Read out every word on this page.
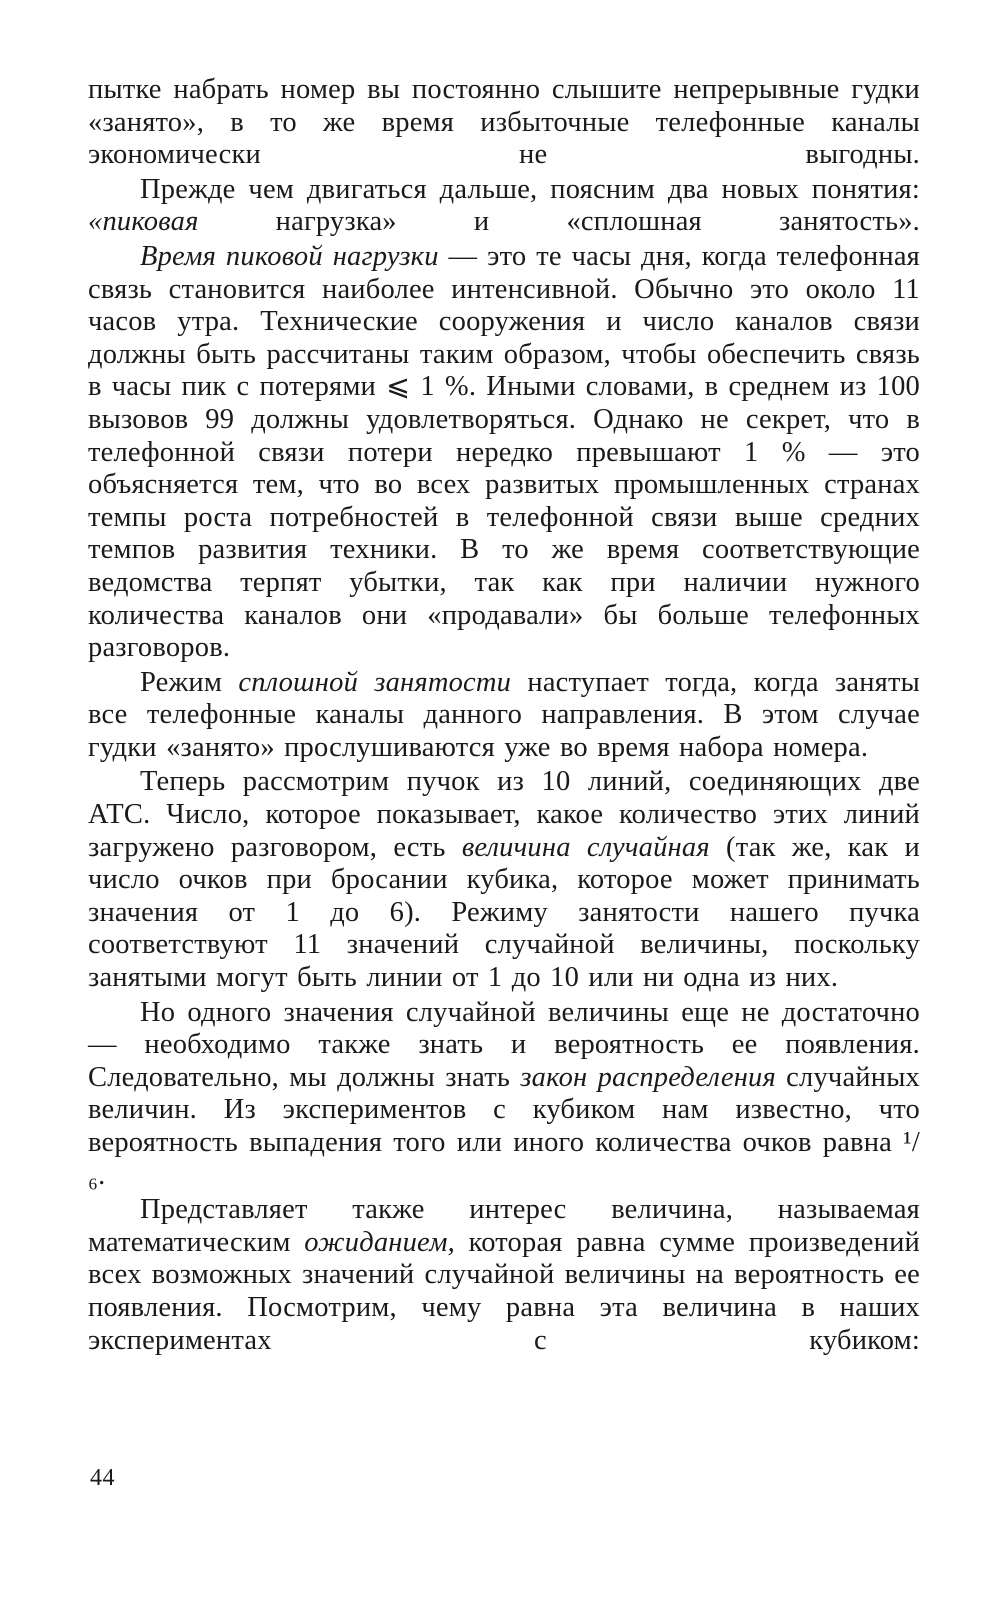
пытке набрать номер вы постоянно слышите непрерывные гудки «занято», в то же время избыточные телефонные каналы экономически не выгодны.

Прежде чем двигаться дальше, поясним два новых понятия: «пиковая нагрузка» и «сплошная занятость».

Время пиковой нагрузки — это те часы дня, когда телефонная связь становится наиболее интенсивной. Обычно это около 11 часов утра. Технические сооружения и число каналов связи должны быть рассчитаны таким образом, чтобы обеспечить связь в часы пик с потерями ⩽ 1 %. Иными словами, в среднем из 100 вызовов 99 должны удовлетворяться. Однако не секрет, что в телефонной связи потери нередко превышают 1 % — это объясняется тем, что во всех развитых промышленных странах темпы роста потребностей в телефонной связи выше средних темпов развития техники. В то же время соответствующие ведомства терпят убытки, так как при наличии нужного количества каналов они «продавали» бы больше телефонных разговоров.

Режим сплошной занятости наступает тогда, когда заняты все телефонные каналы данного направления. В этом случае гудки «занято» прослушиваются уже во время набора номера.

Теперь рассмотрим пучок из 10 линий, соединяющих две АТС. Число, которое показывает, какое количество этих линий загружено разговором, есть величина случайная (так же, как и число очков при бросании кубика, которое может принимать значения от 1 до 6). Режиму занятости нашего пучка соответствуют 11 значений случайной величины, поскольку занятыми могут быть линии от 1 до 10 или ни одна из них.

Но одного значения случайной величины еще не достаточно — необходимо также знать и вероятность ее появления. Следовательно, мы должны знать закон распределения случайных величин. Из экспериментов с кубиком нам известно, что вероятность выпадения того или иного количества очков равна ¹/₆.

Представляет также интерес величина, называемая математическим ожиданием, которая равна сумме произведений всех возможных значений случайной величины на вероятность ее появления. Посмотрим, чему равна эта величина в наших экспериментах с кубиком:

44
